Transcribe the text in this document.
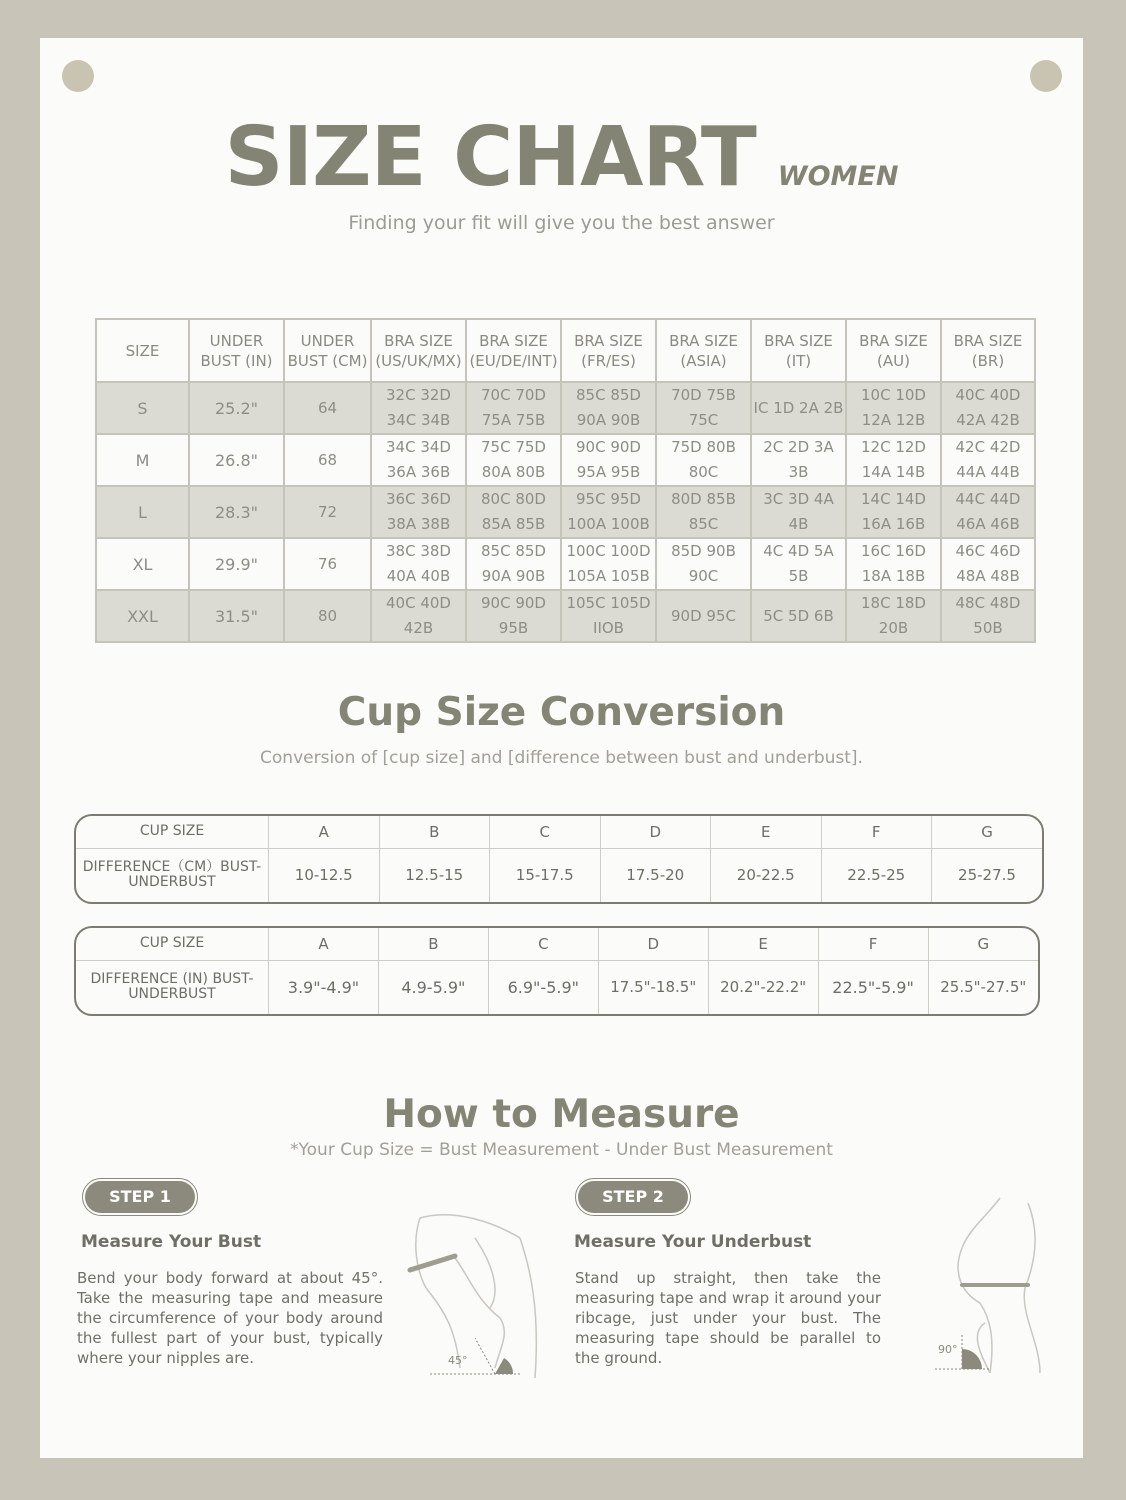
SIZE CHART WOMEN
Finding your fit will give you the best answer
SIZE	UNDER BUST (IN)	UNDER BUST (CM)	BRA SIZE (US/UK/MX)	BRA SIZE (EU/DE/INT)	BRA SIZE (FR/ES)	BRA SIZE (ASIA)	BRA SIZE (IT)	BRA SIZE (AU)	BRA SIZE (BR)
S	25.2"	64	32C 32D 34C 34B	70C 70D 75A 75B	85C 85D 90A 90B	70D 75B 75C	IC 1D 2A 2B	10C 10D 12A 12B	40C 40D 42A 42B
M	26.8"	68	34C 34D 36A 36B	75C 75D 80A 80B	90C 90D 95A 95B	75D 80B 80C	2C 2D 3A 3B	12C 12D 14A 14B	42C 42D 44A 44B
L	28.3"	72	36C 36D 38A 38B	80C 80D 85A 85B	95C 95D 100A 100B	80D 85B 85C	3C 3D 4A 4B	14C 14D 16A 16B	44C 44D 46A 46B
XL	29.9"	76	38C 38D 40A 40B	85C 85D 90A 90B	100C 100D 105A 105B	85D 90B 90C	4C 4D 5A 5B	16C 16D 18A 18B	46C 46D 48A 48B
XXL	31.5"	80	40C 40D 42B	90C 90D 95B	105C 105D IIOB	90D 95C	5C 5D 6B	18C 18D 20B	48C 48D 50B
Cup Size Conversion
Conversion of [cup size] and [difference between bust and underbust].
CUP SIZE	A	B	C	D	E	F	G
DIFFERENCE（CM）BUST-UNDERBUST	10-12.5	12.5-15	15-17.5	17.5-20	20-22.5	22.5-25	25-27.5
CUP SIZE	A	B	C	D	E	F	G
DIFFERENCE (IN) BUST-UNDERBUST	3.9"-4.9"	4.9-5.9"	6.9"-5.9"	17.5"-18.5"	20.2"-22.2"	22.5"-5.9"	25.5"-27.5"
How to Measure
*Your Cup Size = Bust Measurement - Under Bust Measurement
STEP 1
Measure Your Bust
Bend your body forward at about 45°. Take the measuring tape and measure the circumference of your body around the fullest part of your bust, typically where your nipples are.	45°
STEP 2
Measure Your Underbust
Stand up straight, then take the measuring tape and wrap it around your ribcage, just under your bust. The measuring tape should be parallel to the ground.	90°
